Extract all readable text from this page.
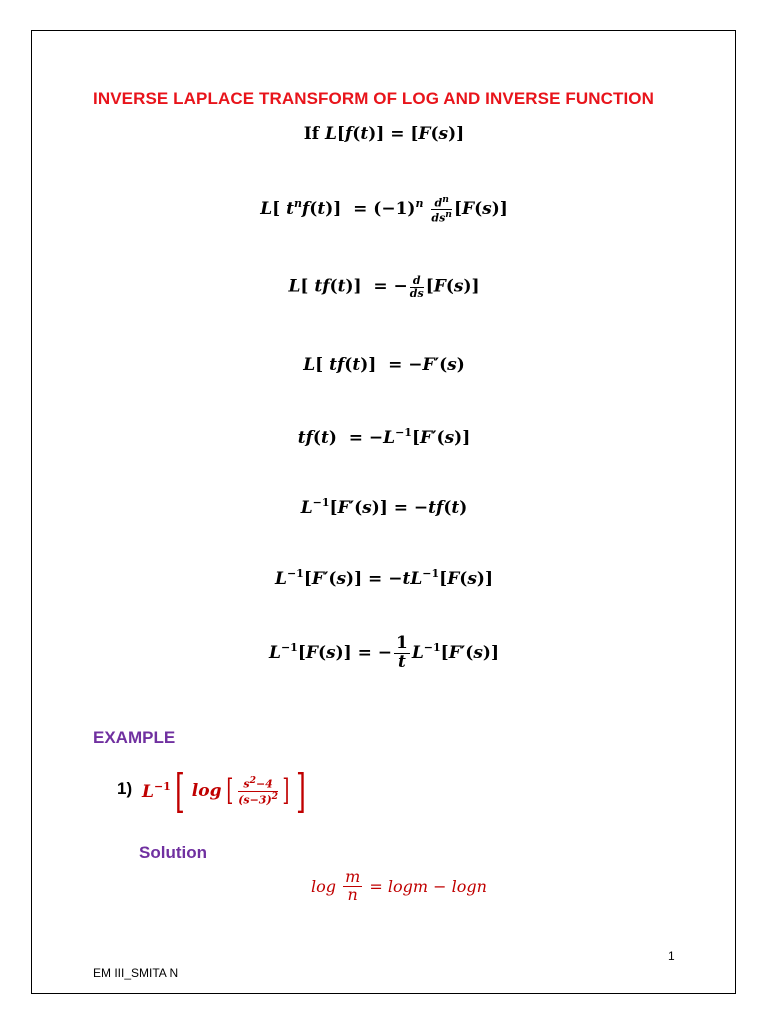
INVERSE LAPLACE TRANSFORM OF LOG AND INVERSE FUNCTION
If L[f(t)] = [F(s)]
L[ $t^nf(t)] = (-1)^n \frac{d^n}{ds^n} [F(s)]$
L[ tf(t)]  = − $\frac{d}{ds} [F(s)]$
L[ tf(t)]  = −F′(s)
$tf(t) = -L^{-1}[F'(s)]$
$L^{-1}[F'(s)] = -tf(t)$
$L^{-1}[F'(s)] = -tL^{-1}[F(s)]$
$L^{-1}[F(s)]$ = − $\frac{1}{t} L^{-1}[F'(s)]$
EXAMPLE
1) $L^{-1}$ [ log [ $\frac{s^2-4}{(s-3)^2}$ ] ]
Solution
$\log \frac{m}{n} = \log m - \log n$
1
EM III_SMITA N
